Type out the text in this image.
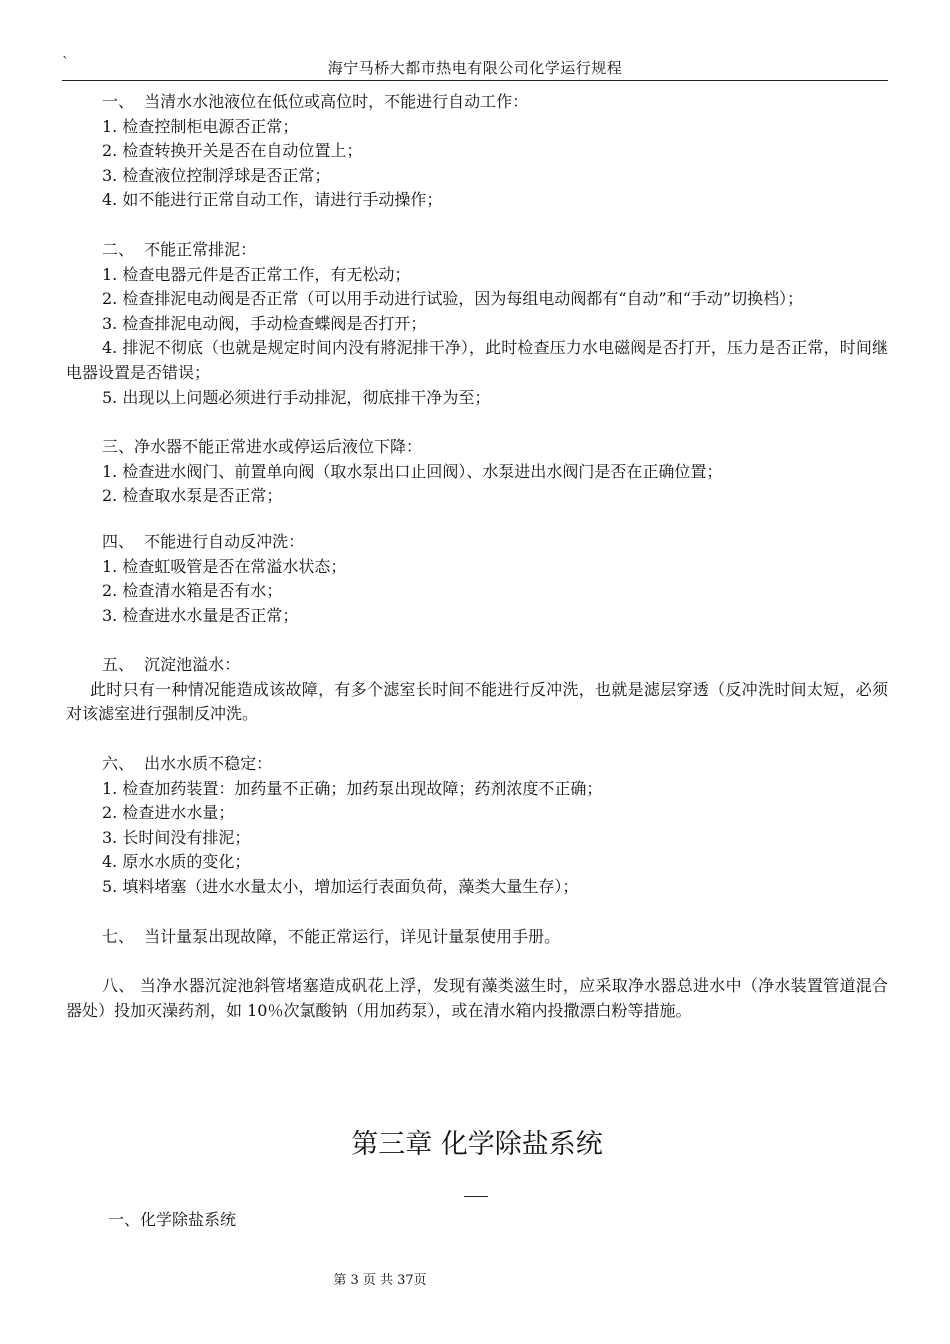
`	海宁马桥大都市热电有限公司化学运行规程

一、  当清水水池液位在低位或高位时，不能进行自动工作：

1. 检查控制柜电源否正常；

2. 检查转换开关是否在自动位置上；

3. 检查液位控制浮球是否正常；

4. 如不能进行正常自动工作，请进行手动操作；

二、  不能正常排泥：

1. 检查电器元件是否正常工作，有无松动；

2. 检查排泥电动阀是否正常（可以用手动进行试验，因为每组电动阀都有“自动”和“手动”切换档）；

3. 检查排泥电动阀，手动检查蝶阀是否打开；

4. 排泥不彻底（也就是规定时间内没有將泥排干净），此时检查压力水电磁阀是否打开，压力是否正常，时间继电器设置是否错误；

5. 出现以上问题必须进行手动排泥，彻底排干净为至；

三、净水器不能正常进水或停运后液位下降：

1. 检查进水阀门、前置单向阀（取水泵出口止回阀）、水泵进出水阀门是否在正确位置；

2. 检查取水泵是否正常；

四、  不能进行自动反冲洗：

1. 检查虹吸管是否在常溢水状态；

2. 检查清水箱是否有水；

3. 检查进水水量是否正常；

五、  沉淀池溢水：

此时只有一种情况能造成该故障，有多个滤室长时间不能进行反冲洗，也就是滤层穿透（反冲洗时间太短，必须对该滤室进行强制反冲洗。

六、  出水水质不稳定：

1. 检查加药装置：加药量不正确；加药泵出现故障；药剂浓度不正确；

2. 检查进水水量；

3. 长时间没有排泥；

4. 原水水质的变化；

5. 填料堵塞（进水水量太小，增加运行表面负荷，藻类大量生存）；

七、  当计量泵出现故障，不能正常运行，详见计量泵使用手册。

八、 当净水器沉淀池斜管堵塞造成矾花上浮，发现有藻类滋生时，应采取净水器总进水中（净水装置管道混合器处）投加灭澡药剂，如 10％次氯酸钠（用加药泵），或在清水箱内投撒漂白粉等措施。

第三章 化学除盐系统
一、化学除盐系统
第 3 页 共 37页
